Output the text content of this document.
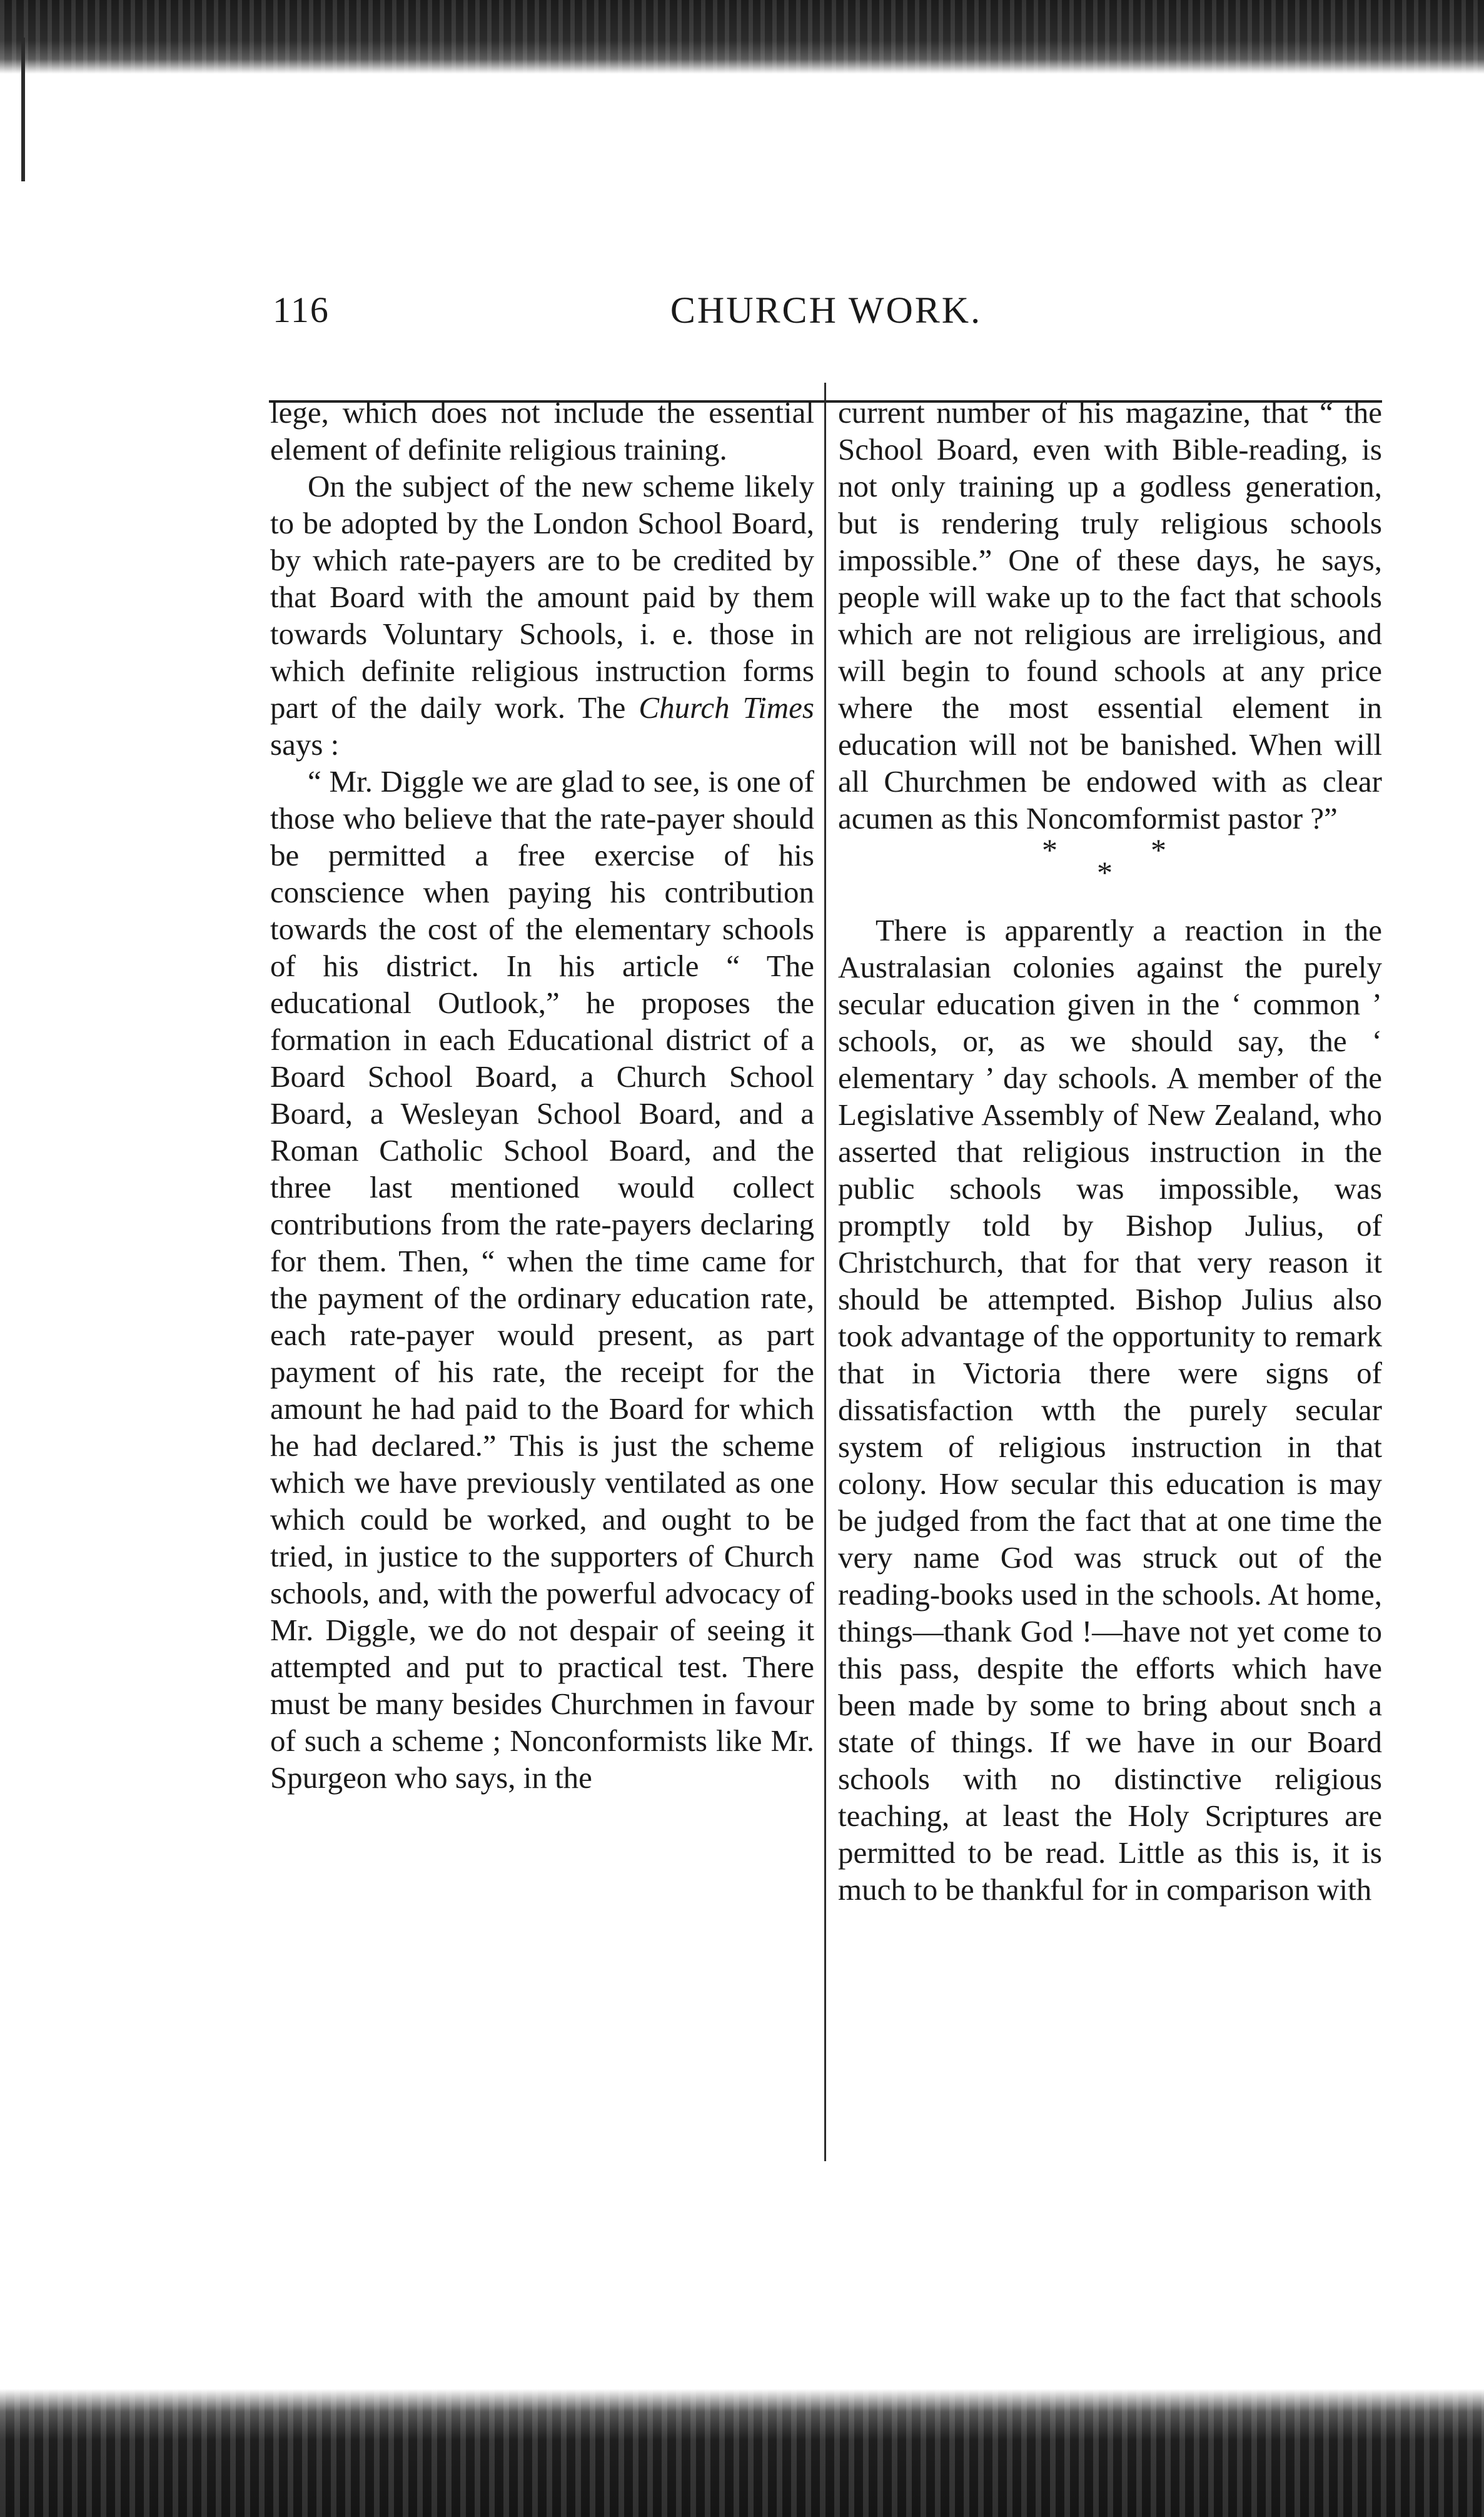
116	CHURCH WORK.

lege, which does not include the essential element of definite religious training.

On the subject of the new scheme likely to be adopted by the London School Board, by which rate-payers are to be credited by that Board with the amount paid by them towards Voluntary Schools, i. e. those in which definite religious instruction forms part of the daily work. The Church Times says :

“ Mr. Diggle we are glad to see, is one of those who believe that the rate-payer should be permitted a free exercise of his conscience when paying his contribution towards the cost of the elementary schools of his district. In his article “ The educational Outlook,” he proposes the formation in each Educational district of a Board School Board, a Church School Board, a Wesleyan School Board, and a Roman Catholic School Board, and the three last mentioned would collect contributions from the rate-payers declaring for them. Then, “ when the time came for the payment of the ordinary education rate, each rate-payer would present, as part payment of his rate, the receipt for the amount he had paid to the Board for which he had declared.” This is just the scheme which we have previously ventilated as one which could be worked, and ought to be tried, in justice to the supporters of Church schools, and, with the powerful advocacy of Mr. Diggle, we do not despair of seeing it attempted and put to practical test. There must be many besides Churchmen in favour of such a scheme ; Nonconformists like Mr. Spurgeon who says, in the

current number of his magazine, that “ the School Board, even with Bible-reading, is not only training up a godless generation, but is rendering truly religious schools impossible.” One of these days, he says, people will wake up to the fact that schools which are not religious are irreligious, and will begin to found schools at any price where the most essential element in education will not be banished. When will all Churchmen be endowed with as clear acumen as this Noncomformist pastor ?”

*	*
*

There is apparently a reaction in the Australasian colonies against the purely secular education given in the ‘ common ’ schools, or, as we should say, the ‘ elementary ’ day schools. A member of the Legislative Assembly of New Zealand, who asserted that religious instruction in the public schools was impossible, was promptly told by Bishop Julius, of Christchurch, that for that very reason it should be attempted. Bishop Julius also took advantage of the opportunity to remark that in Victoria there were signs of dissatisfaction wtth the purely secular system of religious instruction in that colony. How secular this education is may be judged from the fact that at one time the very name God was struck out of the reading-books used in the schools. At home, things—thank God !—have not yet come to this pass, despite the efforts which have been made by some to bring about snch a state of things. If we have in our Board schools with no distinctive religious teaching, at least the Holy Scriptures are permitted to be read. Little as this is, it is much to be thankful for in comparison with
